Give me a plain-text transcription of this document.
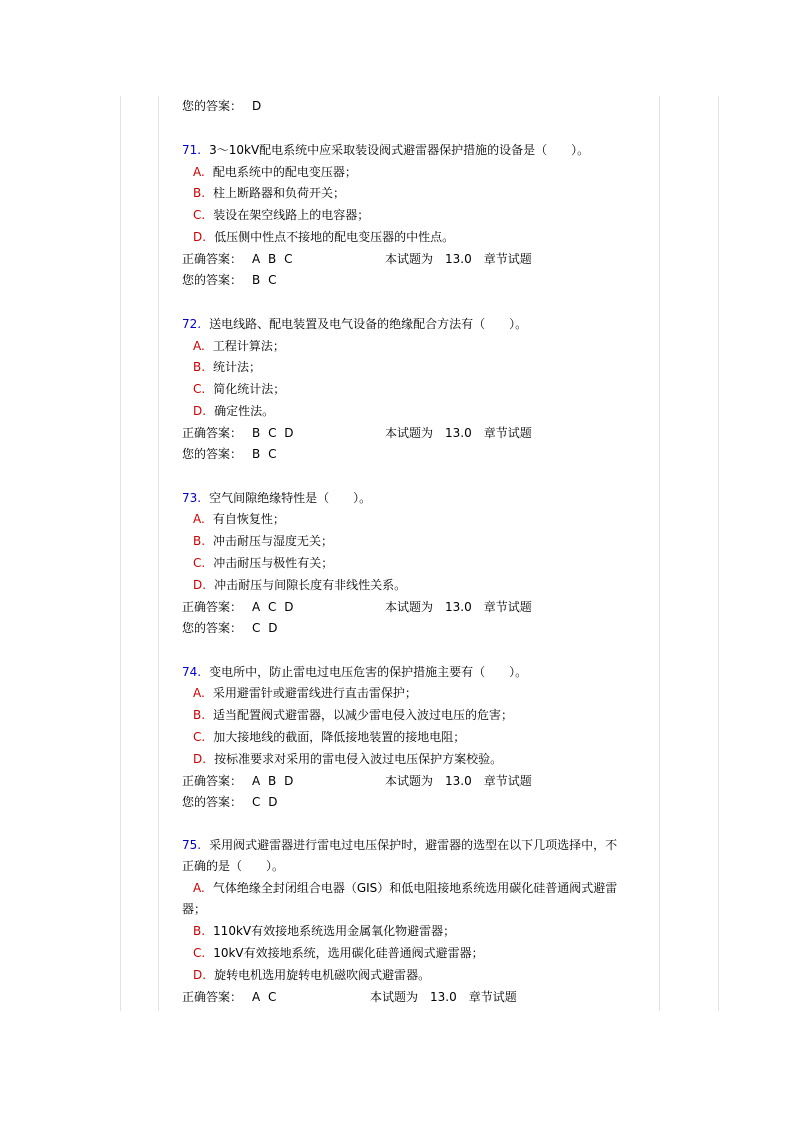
您的答案： D
71. 3～10kV配电系统中应采取装设阀式避雷器保护措施的设备是（　　）。
A. 配电系统中的配电变压器；
B. 柱上断路器和负荷开关；
C. 装设在架空线路上的电容器；
D. 低压侧中性点不接地的配电变压器的中性点。
正确答案： A B C	本试题为 13.0 章节试题
您的答案： B C
72. 送电线路、配电装置及电气设备的绝缘配合方法有（　　）。
A. 工程计算法；
B. 统计法；
C. 简化统计法；
D. 确定性法。
正确答案： B C D	本试题为 13.0 章节试题
您的答案： B C
73. 空气间隙绝缘特性是（　　）。
A. 有自恢复性；
B. 冲击耐压与湿度无关；
C. 冲击耐压与极性有关；
D. 冲击耐压与间隙长度有非线性关系。
正确答案： A C D	本试题为 13.0 章节试题
您的答案： C D
74. 变电所中，防止雷电过电压危害的保护措施主要有（　　）。
A. 采用避雷针或避雷线进行直击雷保护；
B. 适当配置阀式避雷器，以减少雷电侵入波过电压的危害；
C. 加大接地线的截面，降低接地装置的接地电阻；
D. 按标准要求对采用的雷电侵入波过电压保护方案校验。
正确答案： A B D	本试题为 13.0 章节试题
您的答案： C D
75. 采用阀式避雷器进行雷电过电压保护时，避雷器的选型在以下几项选择中，不
正确的是（　　）。
A. 气体绝缘全封闭组合电器（GIS）和低电阻接地系统选用碳化硅普通阀式避雷
器；
B. 110kV有效接地系统选用金属氧化物避雷器；
C. 10kV有效接地系统，选用碳化硅普通阀式避雷器；
D. 旋转电机选用旋转电机磁吹阀式避雷器。
正确答案： A C	本试题为 13.0 章节试题
